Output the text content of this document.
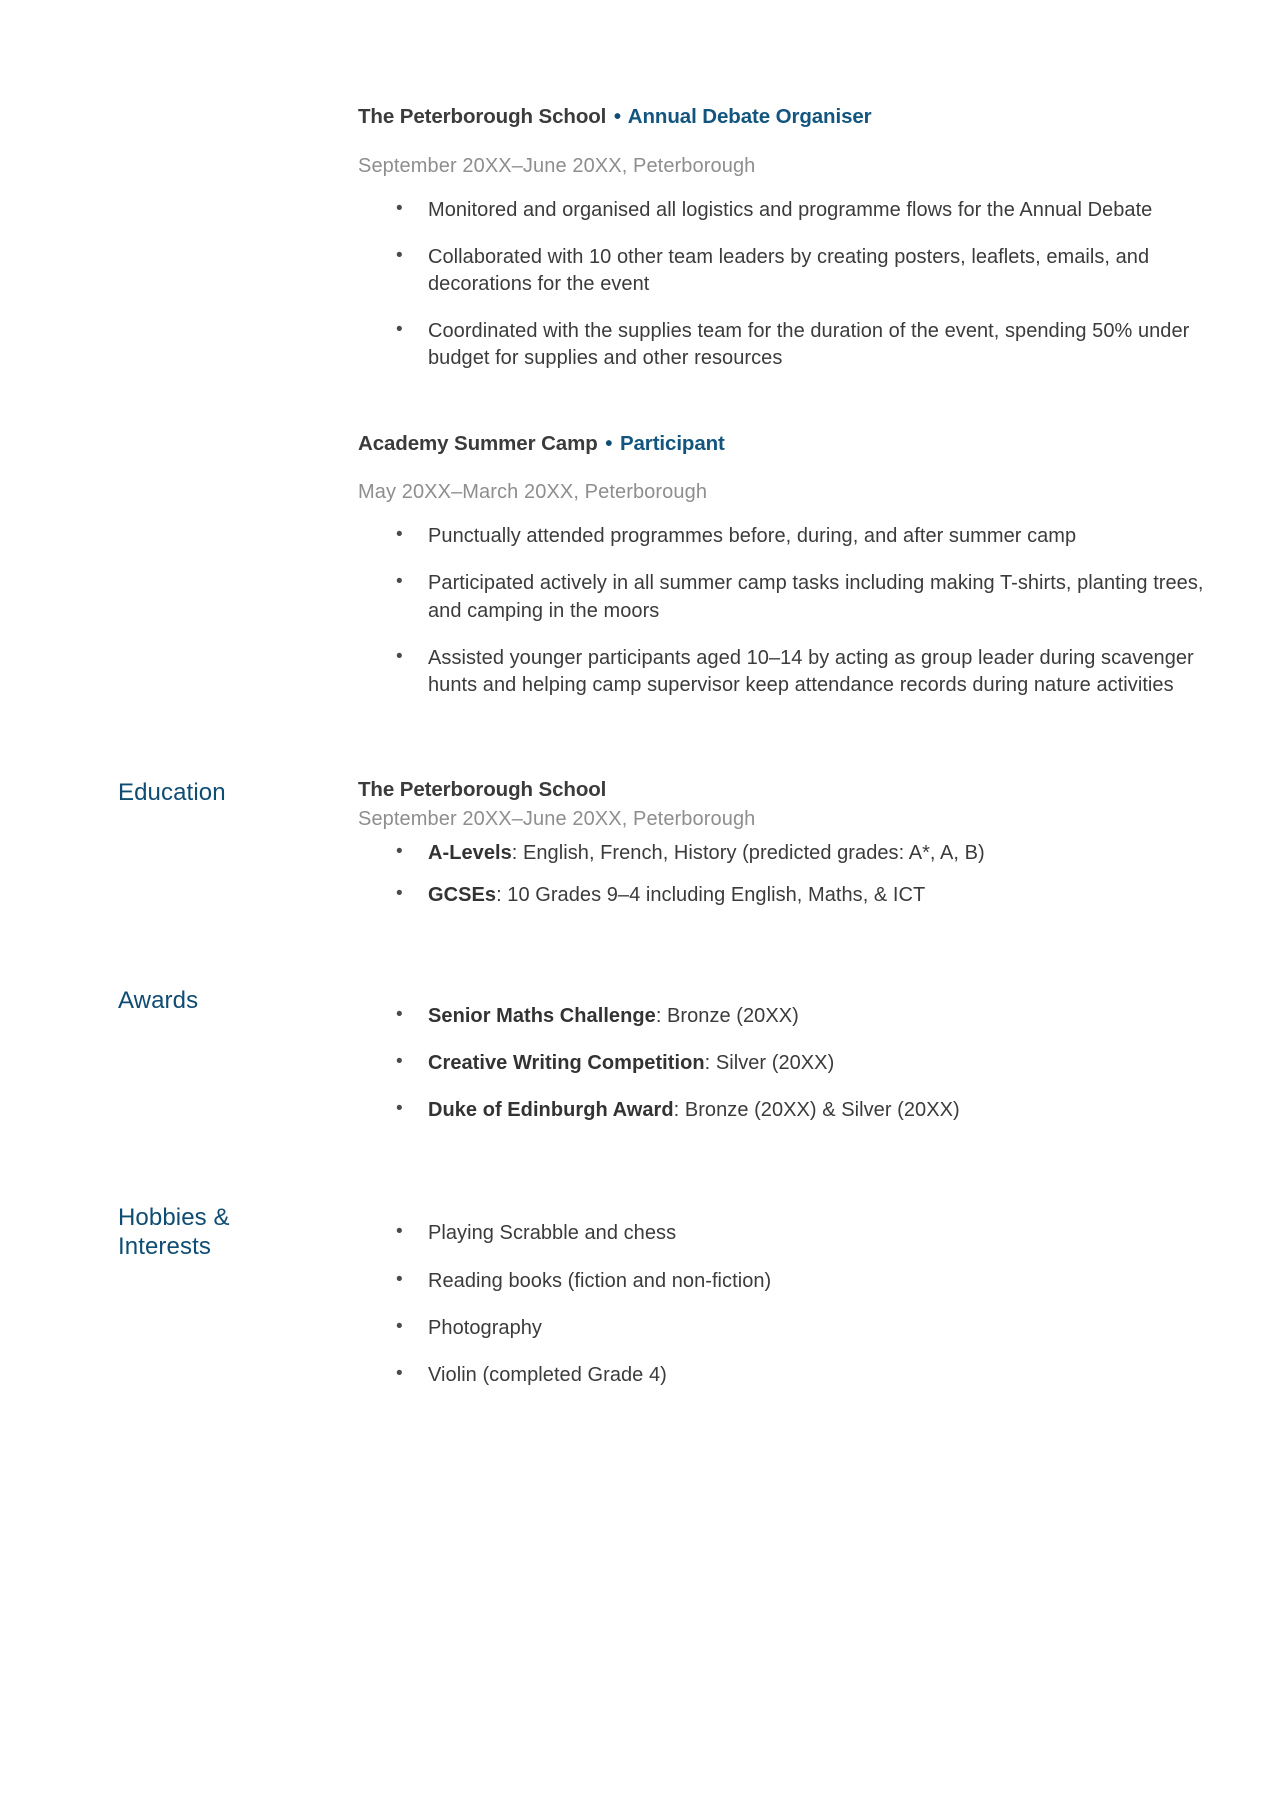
The Peterborough School • Annual Debate Organiser

September 20XX–June 20XX, Peterborough

• Monitored and organised all logistics and programme flows for the Annual Debate
• Collaborated with 10 other team leaders by creating posters, leaflets, emails, and decorations for the event
• Coordinated with the supplies team for the duration of the event, spending 50% under budget for supplies and other resources

Academy Summer Camp • Participant

May 20XX–March 20XX, Peterborough

• Punctually attended programmes before, during, and after summer camp
• Participated actively in all summer camp tasks including making T-shirts, planting trees, and camping in the moors
• Assisted younger participants aged 10–14 by acting as group leader during scavenger hunts and helping camp supervisor keep attendance records during nature activities
Education	The Peterborough School

September 20XX–June 20XX, Peterborough

• A-Levels: English, French, History (predicted grades: A*, A, B)
• GCSEs: 10 Grades 9–4 including English, Maths, & ICT
Awards
• Senior Maths Challenge: Bronze (20XX)
• Creative Writing Competition: Silver (20XX)
• Duke of Edinburgh Award: Bronze (20XX) & Silver (20XX)
Hobbies &
Interests	• Playing Scrabble and chess
• Reading books (fiction and non-fiction)
• Photography
• Violin (completed Grade 4)
